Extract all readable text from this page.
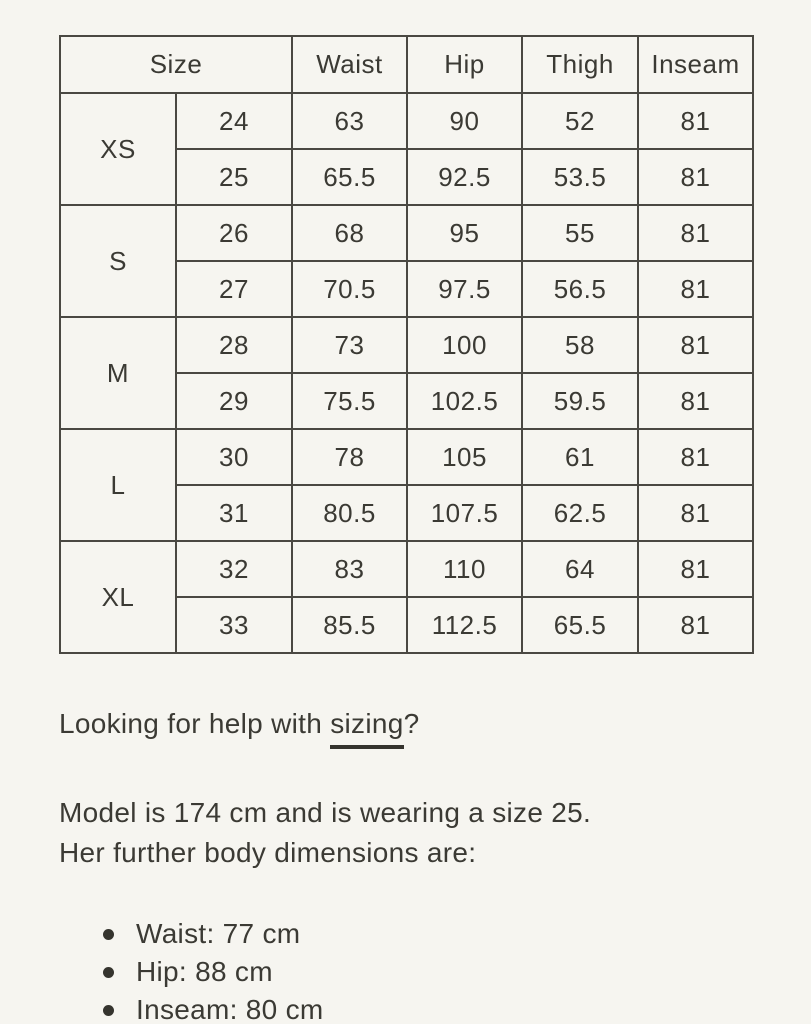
Size		Waist	Hip	Thigh	Inseam
XS	24	63	90	52	81
	25	65.5	92.5	53.5	81
S	26	68	95	55	81
	27	70.5	97.5	56.5	81
M	28	73	100	58	81
	29	75.5	102.5	59.5	81
L	30	78	105	61	81
	31	80.5	107.5	62.5	81
XL	32	83	110	64	81
	33	85.5	112.5	65.5	81

Looking for help with sizing?

Model is 174 cm and is wearing a size 25.
Her further body dimensions are:

Waist: 77 cm
Hip: 88 cm
Inseam: 80 cm
